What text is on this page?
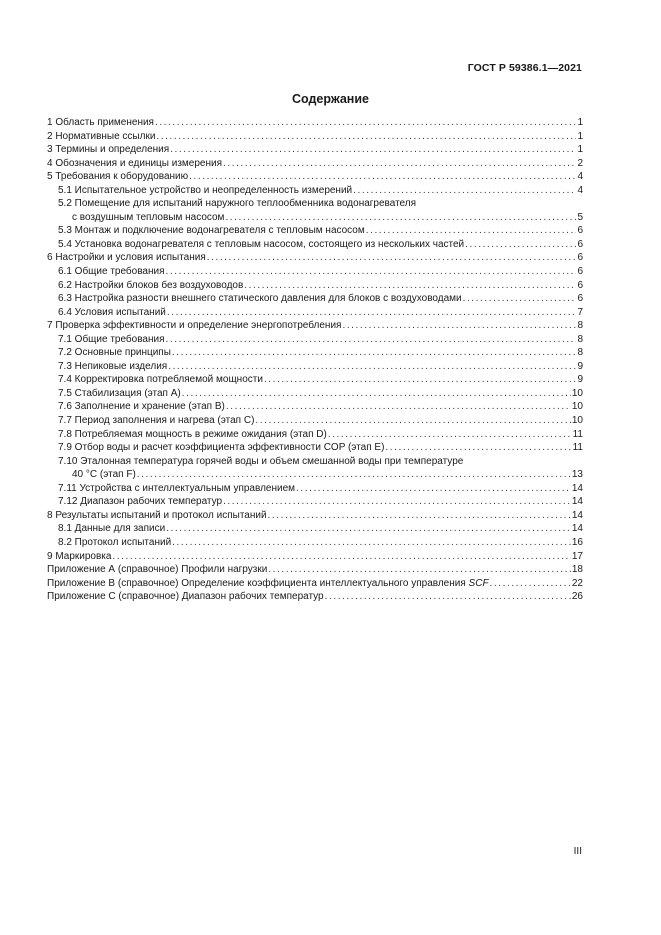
ГОСТ Р 59386.1—2021
Содержание
1 Область применения . . .	1
2 Нормативные ссылки . . .	1
3 Термины и определения . . .	1
4 Обозначения и единицы измерения . . .	2
5 Требования к оборудованию . . .	4
5.1 Испытательное устройство и неопределенность измерений . . .	4
5.2 Помещение для испытаний наружного теплообменника водонагревателя
с воздушным тепловым насосом . . .	5
5.3 Монтаж и подключение водонагревателя с тепловым насосом . . .	6
5.4 Установка водонагревателя с тепловым насосом, состоящего из нескольких частей . . .	6
6 Настройки и условия испытания . . .	6
6.1 Общие требования . . .	6
6.2 Настройки блоков без воздуховодов . . .	6
6.3 Настройка разности внешнего статического давления для блоков с воздуховодами . . .	6
6.4 Условия испытаний . . .	7
7 Проверка эффективности и определение энергопотребления . . .	8
7.1 Общие требования . . .	8
7.2 Основные принципы . . .	8
7.3 Непиковые изделия . . .	9
7.4 Корректировка потребляемой мощности . . .	9
7.5 Стабилизация (этап А) . . .	10
7.6 Заполнение и хранение (этап B) . . .	10
7.7 Период заполнения и нагрева (этап C) . . .	10
7.8 Потребляемая мощность в режиме ожидания (этап D) . . .	11
7.9 Отбор воды и расчет коэффициента эффективности COP (этап E) . . .	11
7.10 Эталонная температура горячей воды и объем смешанной воды при температуре
40 °C (этап F) . . .	13
7.11 Устройства с интеллектуальным управлением . . .	14
7.12 Диапазон рабочих температур . . .	14
8 Результаты испытаний и протокол испытаний . . .	14
8.1 Данные для записи . . .	14
8.2 Протокол испытаний . . .	16
9 Маркировка . . .	17
Приложение А (справочное) Профили нагрузки . . .	18
Приложение В (справочное) Определение коэффициента интеллектуального управления SCF . . .	22
Приложение С (справочное) Диапазон рабочих температур . . .	26
III
